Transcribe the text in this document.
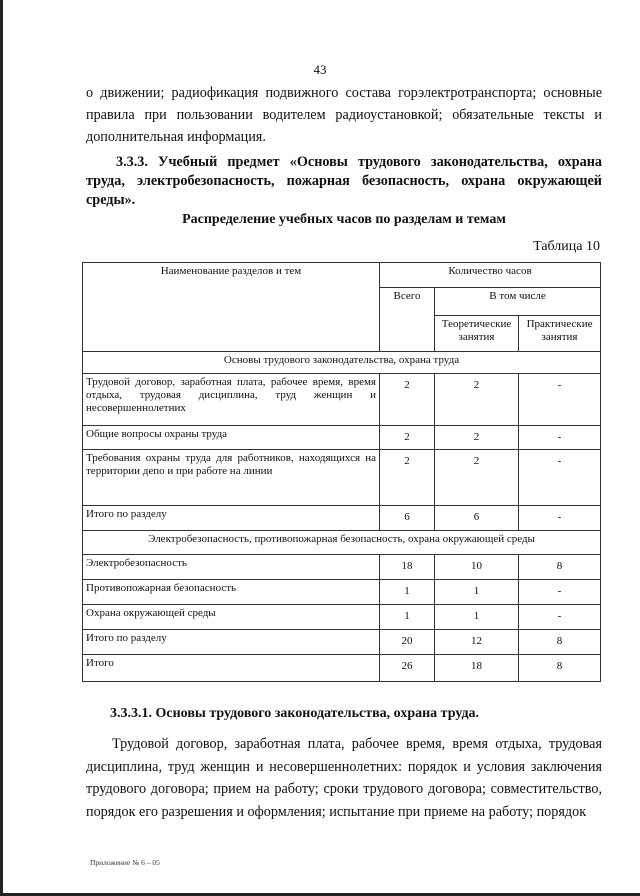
43
о движении; радиофикация подвижного состава горэлектротранспорта; основные правила при пользовании водителем радиоустановкой; обязательные тексты и дополнительная информация.
3.3.3. Учебный предмет «Основы трудового законодательства, охрана труда, электробезопасность, пожарная безопасность, охрана окружающей среды».
Распределение учебных часов по разделам и темам
Таблица 10
Наименование разделов и тем	Количество часов		
	Всего	В том числе	
		Теоретические занятия	Практические занятия
Основы трудового законодательства, охрана труда			
Трудовой договор, заработная плата, рабочее время, время отдыха, трудовая дисциплина, труд женщин и несовершеннолетних	2	2	-
Общие вопросы охраны труда	2	2	-
Требования охраны труда для работников, находящихся на территории депо и при работе на линии	2	2	-
Итого по разделу	6	6	-
Электробезопасность, противопожарная безопасность, охрана окружающей среды			
Электробезопасность	18	10	8
Противопожарная безопасность	1	1	-
Охрана окружающей среды	1	1	-
Итого по разделу	20	12	8
Итого	26	18	8
3.3.3.1. Основы трудового законодательства, охрана труда.
Трудовой договор, заработная плата, рабочее время, время отдыха, трудовая дисциплина, труд женщин и несовершеннолетних: порядок и условия заключения трудового договора; прием на работу; сроки трудового договора; совместительство, порядок его разрешения и оформления; испытание при приеме на работу; порядок
Приложение № 6 – 05
